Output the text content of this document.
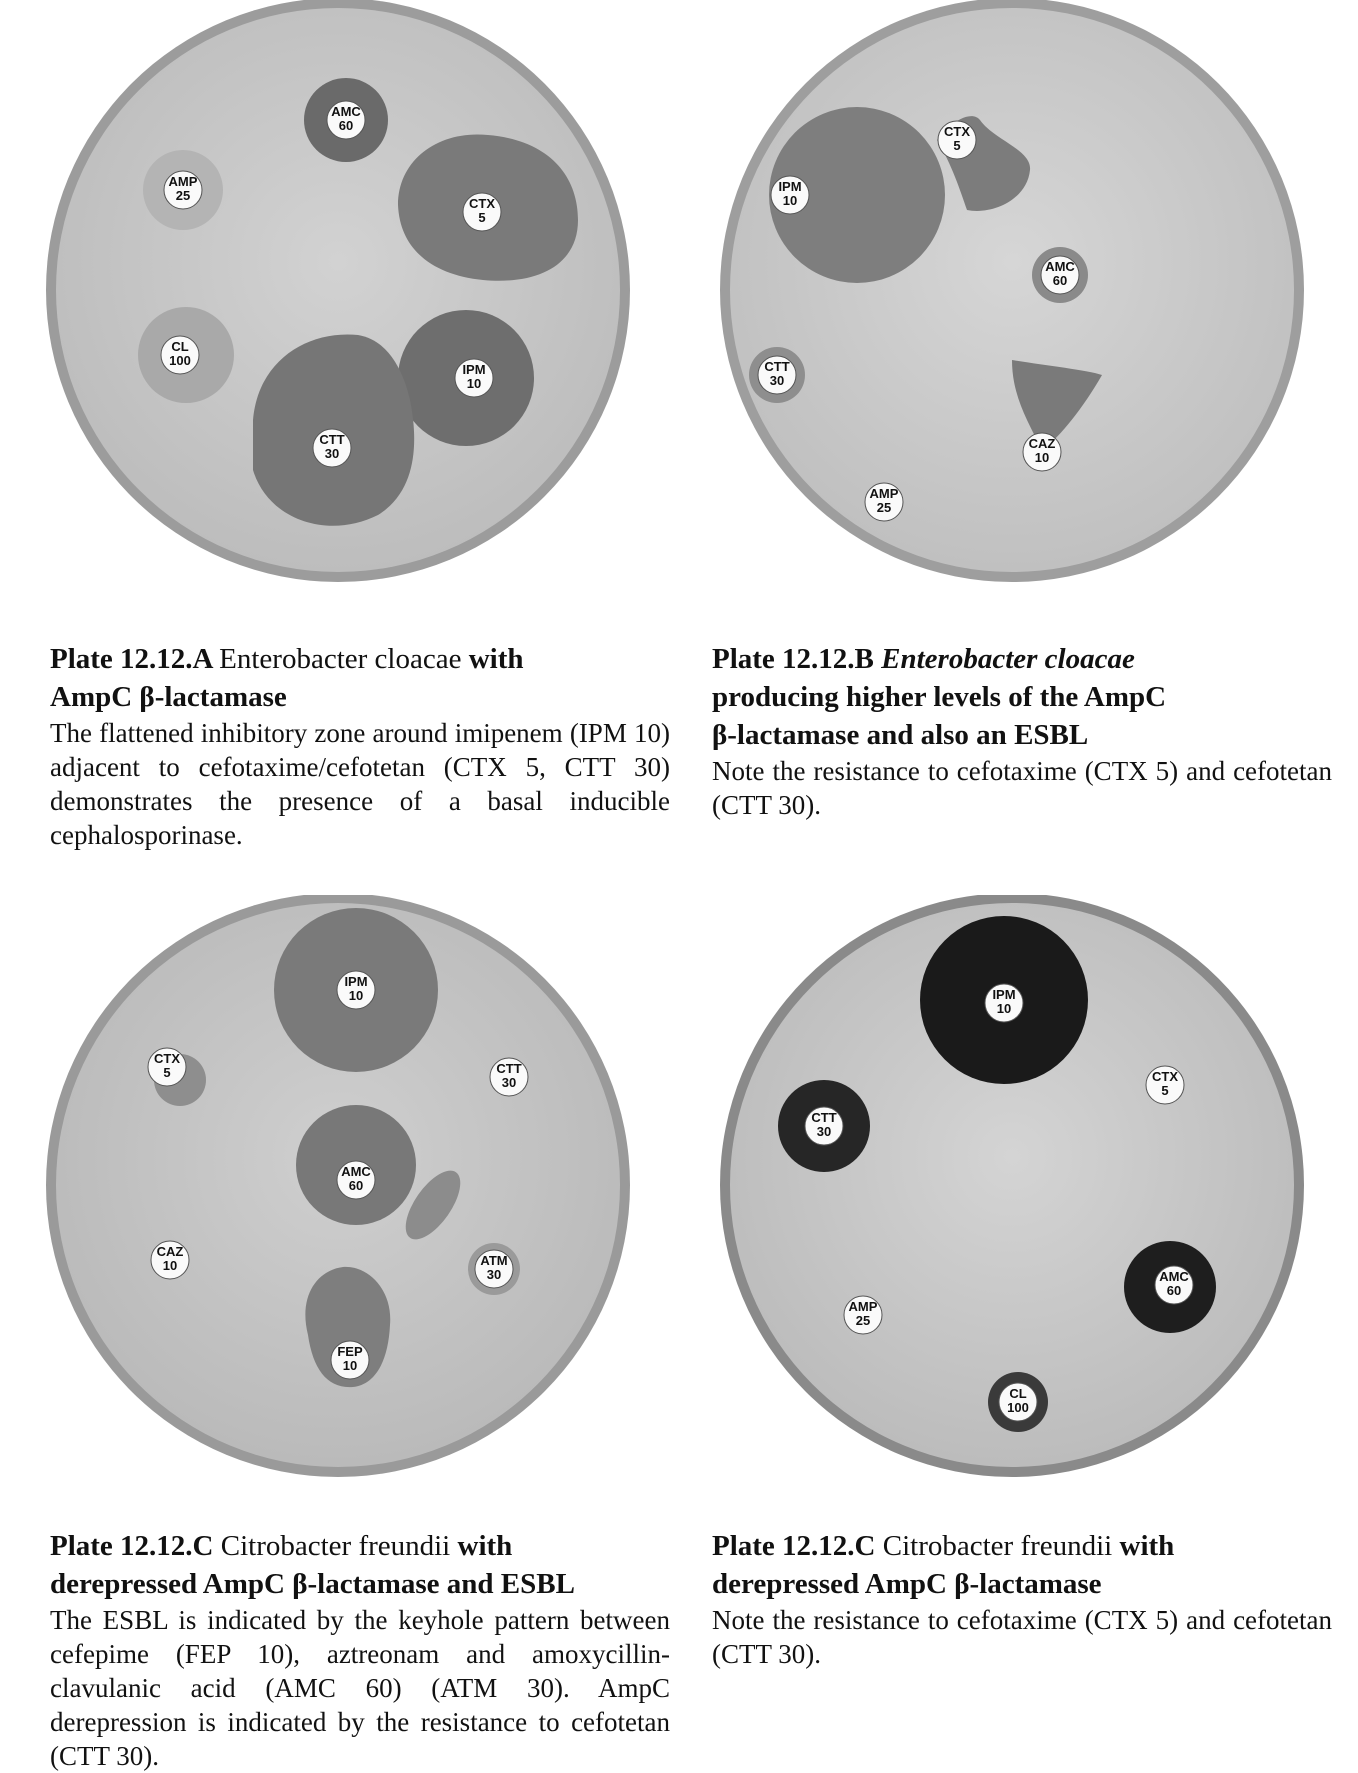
AMC
60
AMP
25
CTX
5
CL
100
IPM
10
CTT
30

Plate 12.12.A Enterobacter cloacae with
AmpC β-lactamase

The flattened inhibitory zone around imipenem (IPM 10) adjacent to cefotaxime/cefotetan (CTX 5, CTT 30) demonstrates the presence of a basal inducible cephalosporinase.

CTX
5
IPM
10
AMC
60
CTT
30
CAZ
10
AMP
25

Plate 12.12.B Enterobacter cloacae
producing higher levels of the AmpC
β-lactamase and also an ESBL

Note the resistance to cefotaxime (CTX 5) and cefotetan (CTT 30).

IPM
10
CTX
5	CTT
30
AMC
60
CAZ
10	ATM
30
FEP
10

Plate 12.12.C Citrobacter freundii with
derepressed AmpC β-lactamase and ESBL

The ESBL is indicated by the keyhole pattern between cefepime (FEP 10), aztreonam and amoxycillin-clavulanic acid (AMC 60) (ATM 30). AmpC derepression is indicated by the resistance to cefotetan (CTT 30).

IPM
10
CTX
5
CTT
30
AMC
60
AMP
25
CL
100

Plate 12.12.C Citrobacter freundii with
derepressed AmpC β-lactamase

Note the resistance to cefotaxime (CTX 5) and cefotetan (CTT 30).
